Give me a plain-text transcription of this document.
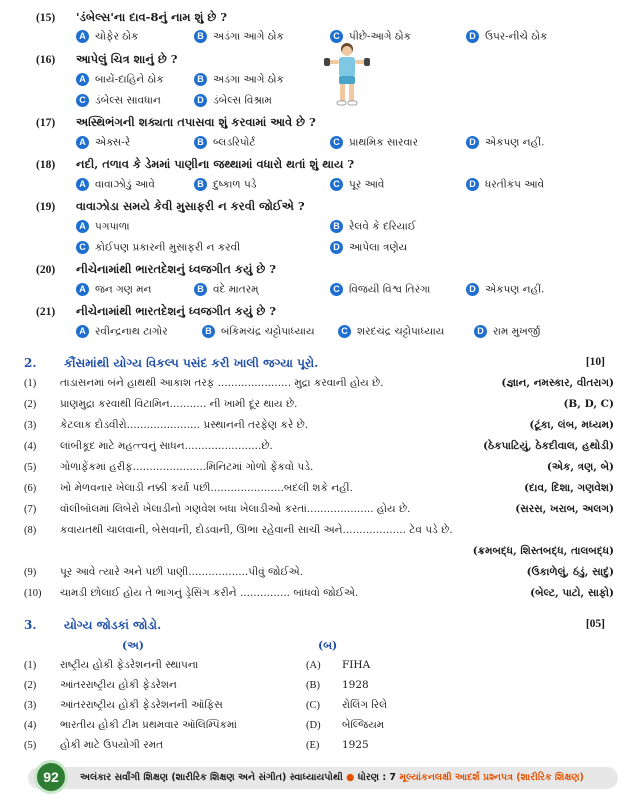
(15) 'ડંબેલ્સ'ના દાવ-8નું નામ શું છે ?
A ચોફેર ઠોક	B અડંગા આગે ઠોક	C પીછે-આગે ઠોક	D ઉપર-નીચે ઠોક
(16) આપેલું ચિત્ર શાનું છે ?
A બાયેં-દાહિને ઠોક	B અડંગા આગે ઠોક
C ડંબેલ્સ સાવધાન	D ડંબેલ્સ વિશ્રામ
(17) અસ્થિભંગની શક્યતા તપાસવા શું કરવામાં આવે છે ?
A એક્સ-રે	B બ્લડરિપોર્ટ	C પ્રાથમિક સારવાર	D એકપણ નહીં.
(18) નદી, તળાવ કે ડેમમાં પાણીના જથ્થામાં વધારો થતાં શું થાય ?
A વાવાઝોડું આવે	B દુષ્કાળ પડે	C પૂર આવે	D ધરતીકંપ આવે
(19) વાવાઝોડા સમયે કેવી મુસાફરી ન કરવી જોઈએ ?
A પગપાળા	B રેલવે કે દરિયાઈ
C કોઈપણ પ્રકારની મુસાફરી ન કરવી	D આપેલા ત્રણેય
(20) નીચેનામાંથી ભારતદેશનું ધ્વજગીત કયું છે ?
A જન ગણ મન	B વંદે માતરમ્	C વિજયી વિશ્વ તિરંગા	D એકપણ નહીં.
(21) નીચેનામાંથી ભારતદેશનું ધ્વજગીત કયું છે ?
A રવીન્દ્રનાથ ટાગોર	B બંકિમચંદ્ર ચટ્ટોપાધ્યાય	C શરદચંદ્ર ચટ્ટોપાધ્યાય	D રામ મુખર્જી
2. કૌંસમાંથી યોગ્ય વિકલ્પ પસંદ કરી ખાલી જગ્યા પૂરો.	[10]
(1) તાડાસનમાં બંને હાથથી આકાશ તરફ ...................... મુદ્રા કરવાની હોય છે.	(જ્ઞાન, નમસ્કાર, વીતરાગ)
(2) પ્રાણમુદ્રા કરવાથી વિટામિન........... ની ખામી દૂર થાય છે.	(B, D, C)
(3) કેટલાક દોડવીરો...................... પ્રસ્થાનની તરફેણ કરે છે.	(ટૂંકા, લંબ, મધ્યમ)
(4) લાંબીકૂદ માટે મહત્ત્વનું સાધન.......................છે.	(ઠેકપાટિયું, ઠેકદીવાલ, હથોડી)
(5) ગોળાફેંકમાં હરીફ......................મિનિટમાં ગોળો ફેંકવો પડે.	(એક, ત્રણ, બે)
(6) ખો મેળવનાર ખેલાડી નક્કી કર્યા પછી......................બદલી શકે નહીં.	(દાવ, દિશા, ગણવેશ)
(7) વૉલીબૉલમાં લિબેરો ખેલાડીનો ગણવેશ બધા ખેલાડીઓ કરતાં.................... હોય છે.	(સરસ, ખરાબ, અલગ)
(8) કવાયતથી ચાલવાની, બેસવાની, દોડવાની, ઊભા રહેવાની સાચી અને................... ટેવ પડે છે.
(ક્રમબદ્ધ, શિસ્તબદ્ધ, તાલબદ્ધ)
(9) પૂર આવે ત્યારે અને પછી પાણી..................પીવું જોઈએ.	(ઉકાળેલું, ઠંડું, સાદું)
(10) ચામડી છોલાઈ હોય તે ભાગનું ડ્રેસિંગ કરીને ............... બાંધવો જોઈએ.	(બેલ્ટ, પાટો, સાફો)
3. યોગ્ય જોડકાં જોડો.	[05]
(અ)	(બ)
(1) રાષ્ટ્રીય હોકી ફેડરેશનની સ્થાપના	(A) FIHA
(2) આંતરરાષ્ટ્રીય હોકી ફેડરેશન	(B) 1928
(3) આંતરરાષ્ટ્રીય હોકી ફેડરેશનની ઑફિસ	(C) રોલિંગ રિલે
(4) ભારતીય હોકી ટીમ પ્રથમવાર ઑલિમ્પિકમાં	(D) બેલ્જિયમ
(5) હોકી માટે ઉપયોગી રમત	(E) 1925
92	અલંકાર સર્વાંગી શિક્ષણ (શારીરિક શિક્ષણ અને સંગીત) સ્વાધ્યાયપોથી ● ધોરણ : 7 મૂલ્યાંકનલક્ષી આદર્શ પ્રશ્નપત્ર (શારીરિક શિક્ષણ)
